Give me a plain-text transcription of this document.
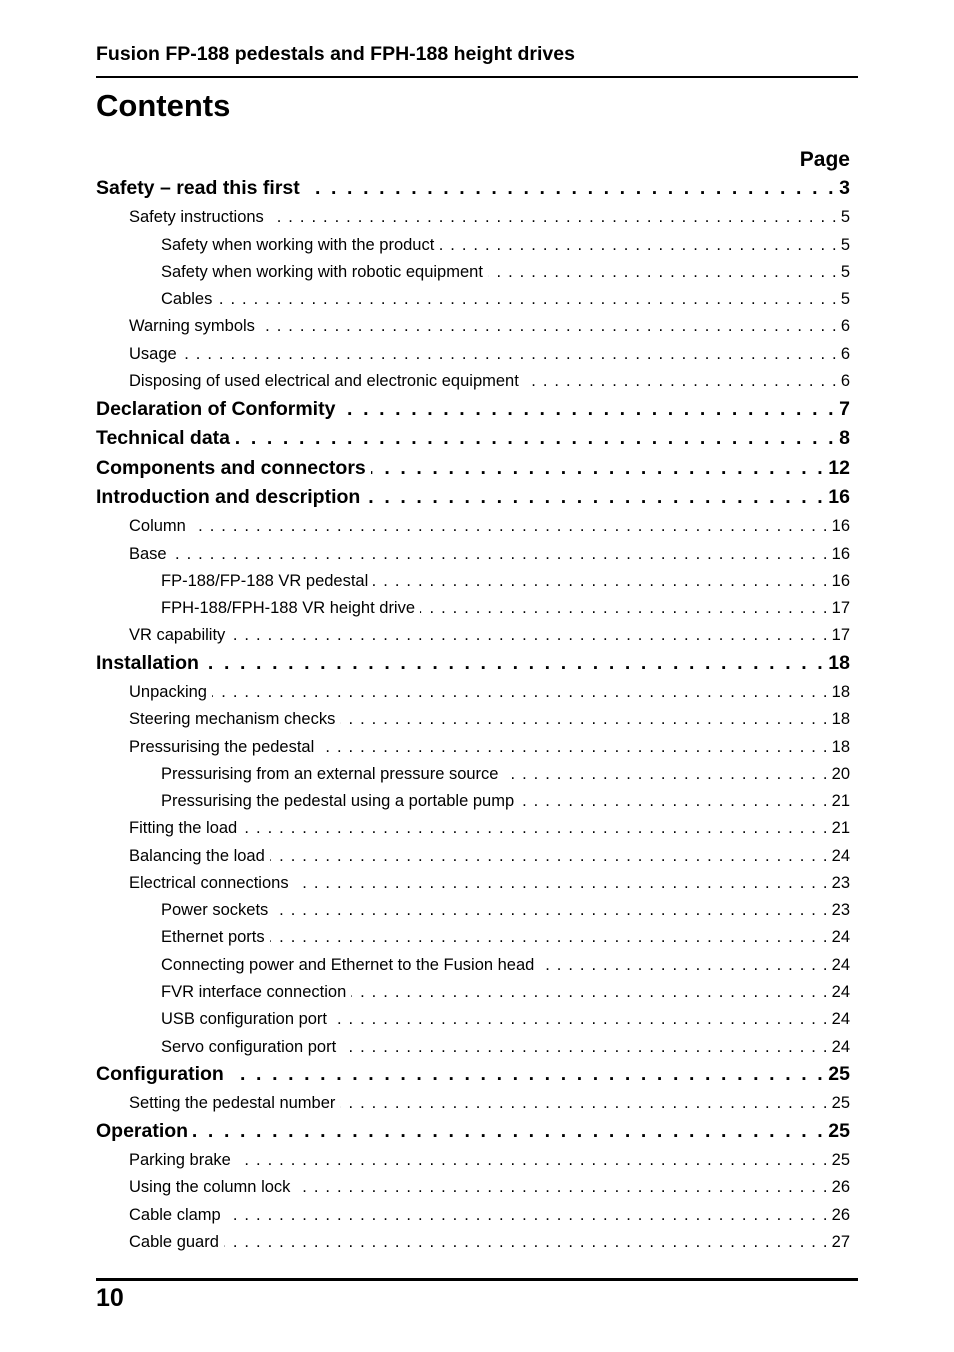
Fusion FP-188 pedestals and FPH-188 height drives
Contents
Page
Safety – read this first . . .	3
Safety instructions . . .	5
Safety when working with the product . . .	5
Safety when working with robotic equipment . . .	5
Cables . . .	5
Warning symbols . . .	6
Usage . . .	6
Disposing of used electrical and electronic equipment . . .	6
Declaration of Conformity . . .	7
Technical data . . .	8
Components and connectors . . .	12
Introduction and description . . .	16
Column . . .	16
Base . . .	16
FP-188/FP-188 VR pedestal . . .	16
FPH-188/FPH-188 VR height drive . . .	17
VR capability . . .	17
Installation . . .	18
Unpacking . . .	18
Steering mechanism checks . . .	18
Pressurising the pedestal . . .	18
Pressurising from an external pressure source . . .	20
Pressurising the pedestal using a portable pump . . .	21
Fitting the load . . .	21
Balancing the load . . .	24
Electrical connections . . .	23
Power sockets . . .	23
Ethernet ports . . .	24
Connecting power and Ethernet to the Fusion head . . .	24
FVR interface connection . . .	24
USB configuration port . . .	24
Servo configuration port . . .	24
Configuration . . .	25
Setting the pedestal number . . .	25
Operation . . .	25
Parking brake . . .	25
Using the column lock . . .	26
Cable clamp . . .	26
Cable guard . . .	27
10
